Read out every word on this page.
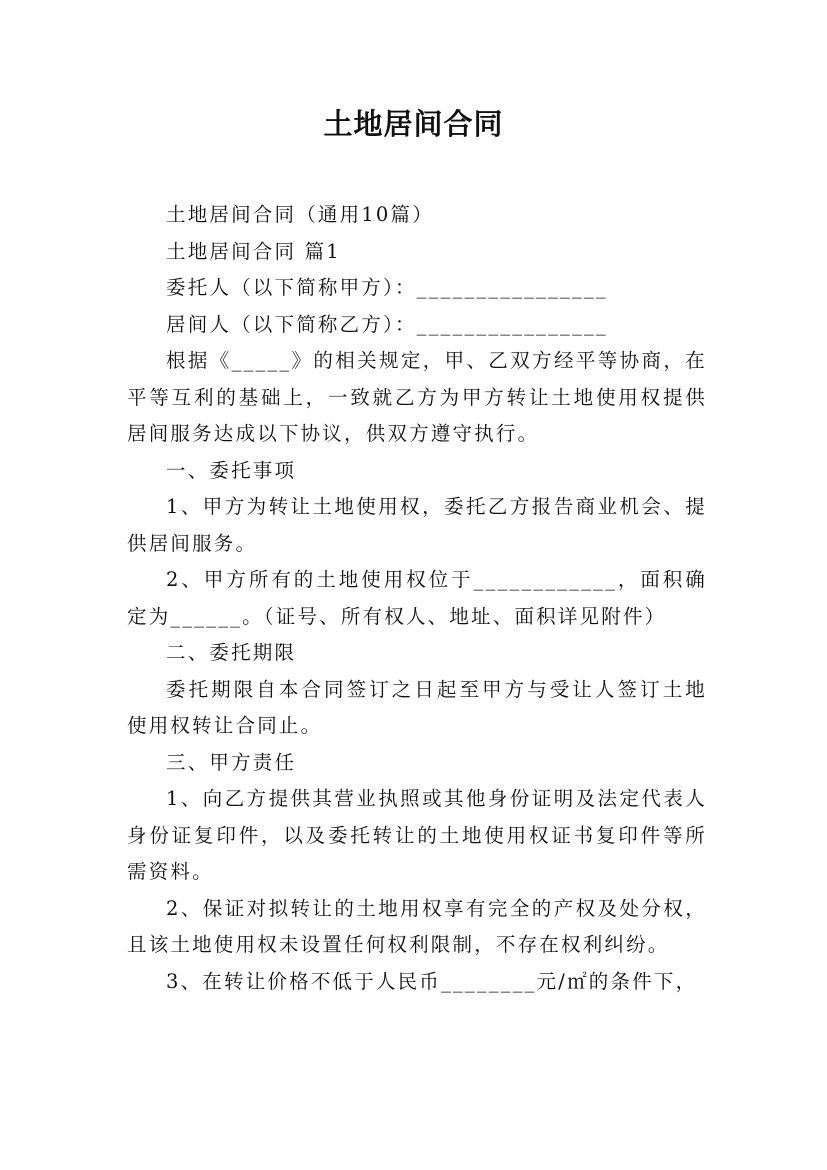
土地居间合同

土地居间合同（通用10篇）

土地居间合同 篇1

委托人（以下简称甲方）：________________

居间人（以下简称乙方）：________________

根据《_____》的相关规定，甲、乙双方经平等协商，在平等互利的基础上，一致就乙方为甲方转让土地使用权提供居间服务达成以下协议，供双方遵守执行。

一、委托事项

1、甲方为转让土地使用权，委托乙方报告商业机会、提供居间服务。

2、甲方所有的土地使用权位于____________，面积确定为______。（证号、所有权人、地址、面积详见附件）

二、委托期限

委托期限自本合同签订之日起至甲方与受让人签订土地使用权转让合同止。

三、甲方责任

1、向乙方提供其营业执照或其他身份证明及法定代表人身份证复印件，以及委托转让的土地使用权证书复印件等所需资料。

2、保证对拟转让的土地用权享有完全的产权及处分权，且该土地使用权未设置任何权利限制，不存在权利纠纷。

3、在转让价格不低于人民币________元/㎡的条件下，
